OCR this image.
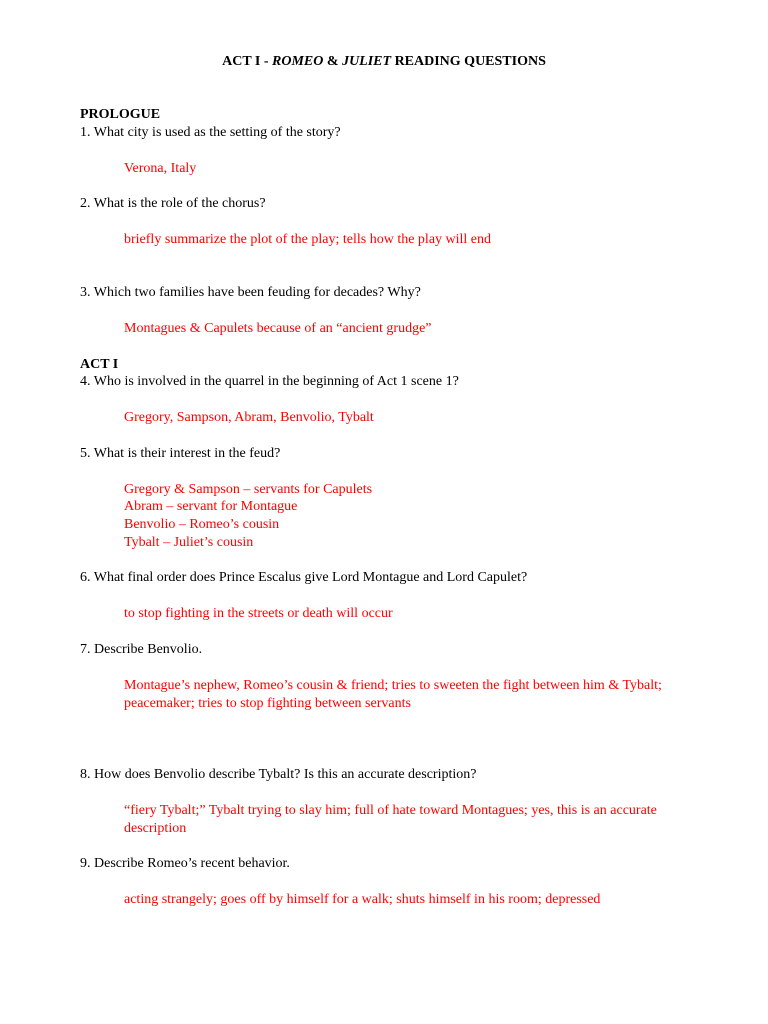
ACT I - ROMEO & JULIET READING QUESTIONS
PROLOGUE
1. What city is used as the setting of the story?
Verona, Italy
2. What is the role of the chorus?
briefly summarize the plot of the play; tells how the play will end
3. Which two families have been feuding for decades? Why?
Montagues & Capulets because of an “ancient grudge”
ACT I
4. Who is involved in the quarrel in the beginning of Act 1 scene 1?
Gregory, Sampson, Abram, Benvolio, Tybalt
5. What is their interest in the feud?
Gregory & Sampson – servants for Capulets
Abram – servant for Montague
Benvolio – Romeo’s cousin
Tybalt – Juliet’s cousin
6. What final order does Prince Escalus give Lord Montague and Lord Capulet?
to stop fighting in the streets or death will occur
7. Describe Benvolio.
Montague’s nephew, Romeo’s cousin & friend; tries to sweeten the fight between him & Tybalt; peacemaker; tries to stop fighting between servants
8. How does Benvolio describe Tybalt? Is this an accurate description?
“fiery Tybalt;” Tybalt trying to slay him; full of hate toward Montagues; yes, this is an accurate description
9. Describe Romeo’s recent behavior.
acting strangely; goes off by himself for a walk; shuts himself in his room; depressed
